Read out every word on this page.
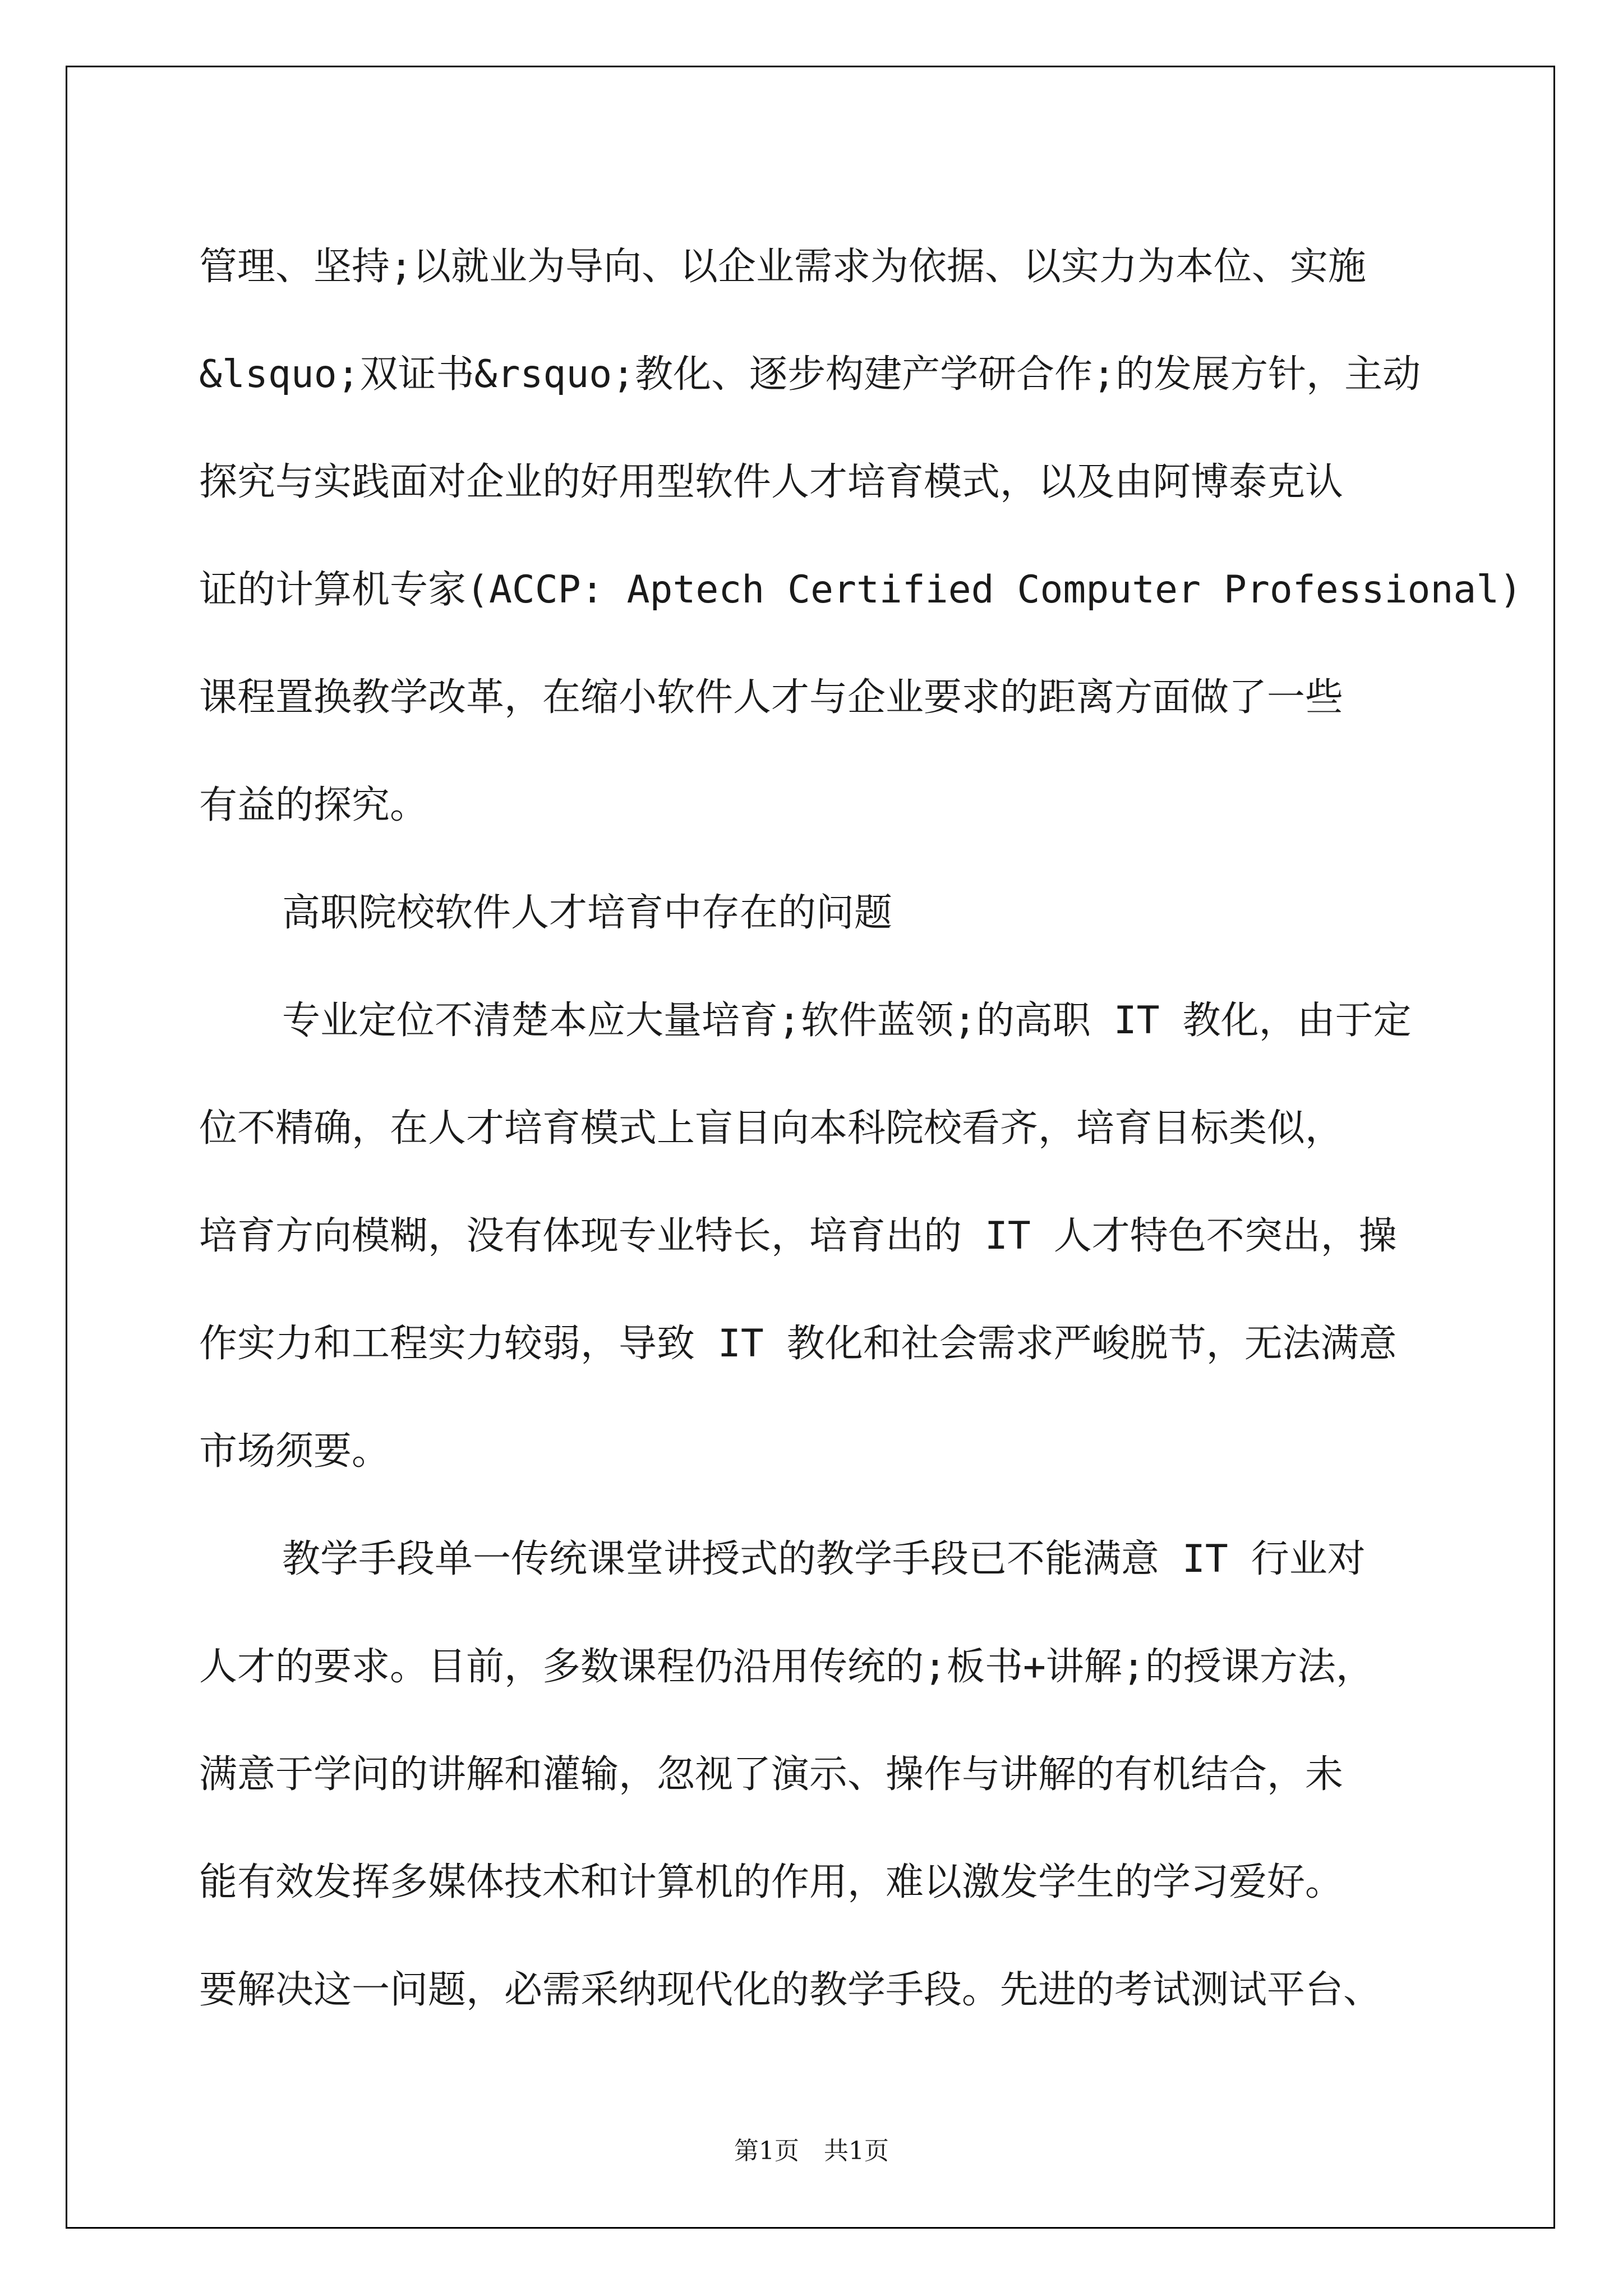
管理、坚持;以就业为导向、以企业需求为依据、以实力为本位、实施
&lsquo;双证书&rsquo;教化、逐步构建产学研合作;的发展方针，主动
探究与实践面对企业的好用型软件人才培育模式，以及由阿博泰克认
证的计算机专家(ACCP: Aptech Certified Computer Professional)
课程置换教学改革，在缩小软件人才与企业要求的距离方面做了一些
有益的探究。
高职院校软件人才培育中存在的问题
专业定位不清楚本应大量培育;软件蓝领;的高职 IT 教化，由于定
位不精确，在人才培育模式上盲目向本科院校看齐，培育目标类似，
培育方向模糊，没有体现专业特长，培育出的 IT 人才特色不突出，操
作实力和工程实力较弱，导致 IT 教化和社会需求严峻脱节，无法满意
市场须要。
教学手段单一传统课堂讲授式的教学手段已不能满意 IT 行业对
人才的要求。目前，多数课程仍沿用传统的;板书+讲解;的授课方法，
满意于学问的讲解和灌输，忽视了演示、操作与讲解的有机结合，未
能有效发挥多媒体技术和计算机的作用，难以激发学生的学习爱好。
要解决这一问题，必需采纳现代化的教学手段。先进的考试测试平台、
第1页　共1页
